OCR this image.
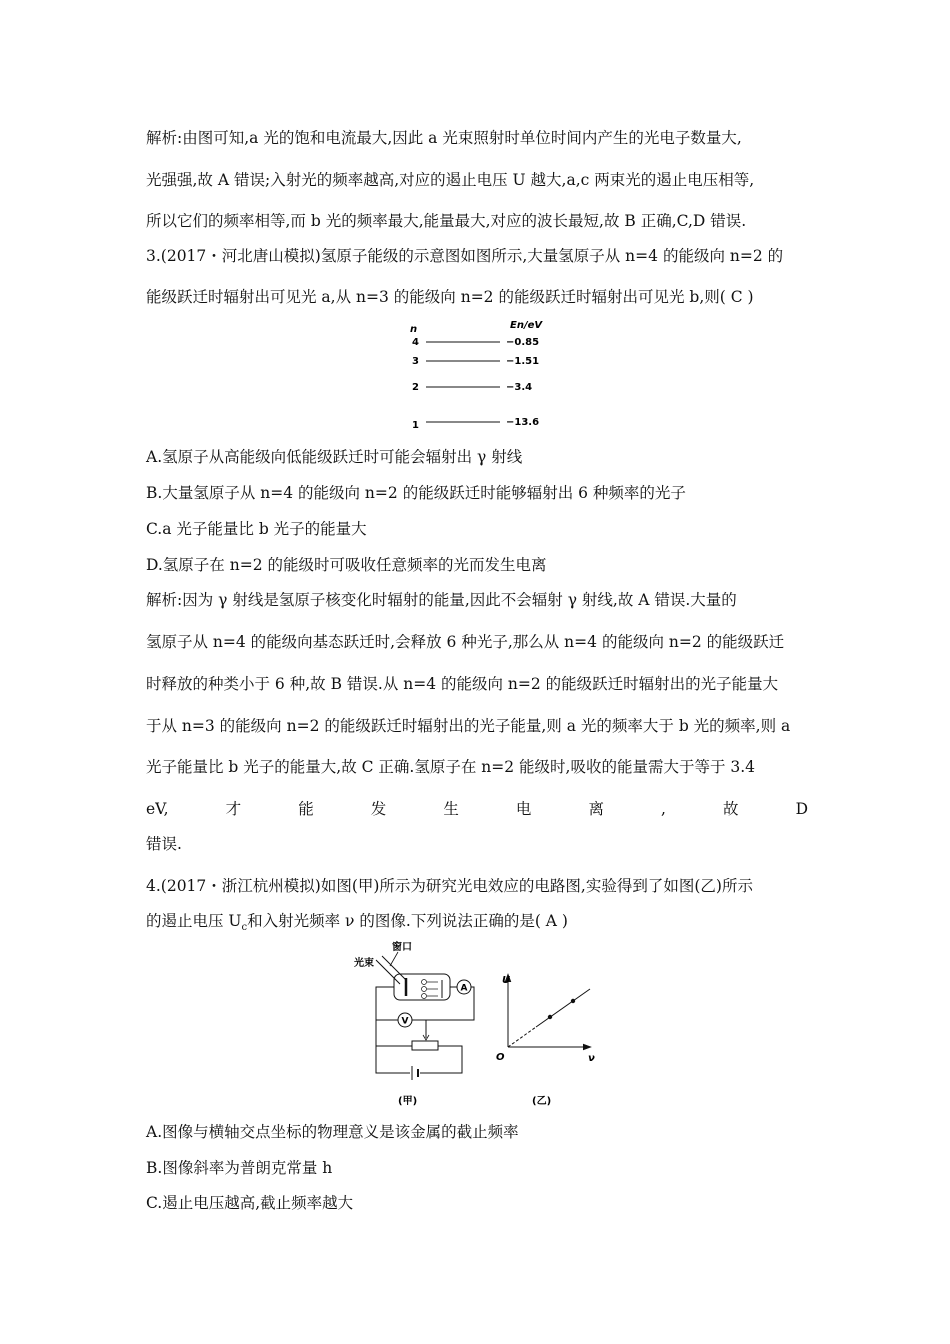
解析:由图可知,a 光的饱和电流最大,因此 a 光束照射时单位时间内产生的光电子数量大,
光强强,故 A 错误;入射光的频率越高,对应的遏止电压 U 越大,a,c 两束光的遏止电压相等,
所以它们的频率相等,而 b 光的频率最大,能量最大,对应的波长最短,故 B 正确,C,D 错误.
3.(2017・河北唐山模拟)氢原子能级的示意图如图所示,大量氢原子从 n=4 的能级向 n=2 的
能级跃迁时辐射出可见光 a,从 n=3 的能级向 n=2 的能级跃迁时辐射出可见光 b,则( C )
n	En/eV
4	−0.85
3	−1.51
2	−3.4
1	−13.6
A.氢原子从高能级向低能级跃迁时可能会辐射出 γ 射线
B.大量氢原子从 n=4 的能级向 n=2 的能级跃迁时能够辐射出 6 种频率的光子
C.a 光子能量比 b 光子的能量大
D.氢原子在 n=2 的能级时可吸收任意频率的光而发生电离
解析:因为 γ 射线是氢原子核变化时辐射的能量,因此不会辐射 γ 射线,故 A 错误.大量的
氢原子从 n=4 的能级向基态跃迁时,会释放 6 种光子,那么从 n=4 的能级向 n=2 的能级跃迁
时释放的种类小于 6 种,故 B 错误.从 n=4 的能级向 n=2 的能级跃迁时辐射出的光子能量大
于从 n=3 的能级向 n=2 的能级跃迁时辐射出的光子能量,则 a 光的频率大于 b 光的频率,则 a
光子能量比 b 光子的能量大,故 C 正确.氢原子在 n=2 能级时,吸收的能量需大于等于 3.4
eV,	才	能	发	生	电	离	,	故	D
错误.
4.(2017・浙江杭州模拟)如图(甲)所示为研究光电效应的电路图,实验得到了如图(乙)所示
的遏止电压 $U_c$和入射光频率 ν 的图像.下列说法正确的是( A )
光束
窗口
A
V
(甲)
U
ν
O
(乙)
A.图像与横轴交点坐标的物理意义是该金属的截止频率
B.图像斜率为普朗克常量 h
C.遏止电压越高,截止频率越大
